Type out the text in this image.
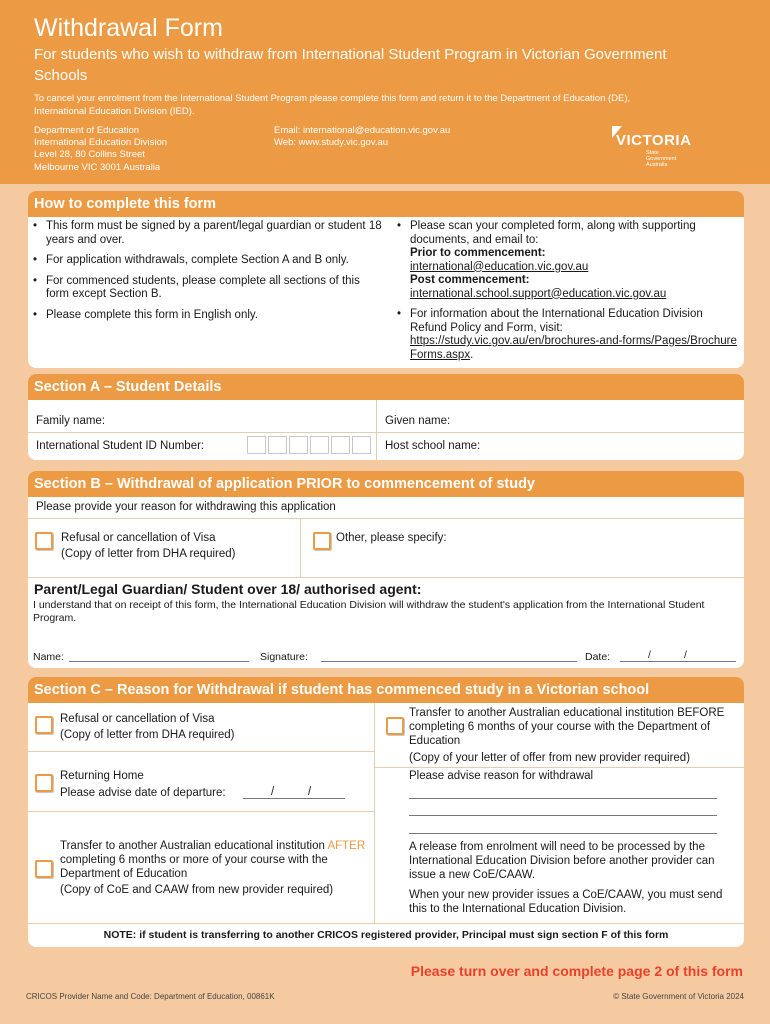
Withdrawal Form
For students who wish to withdraw from International Student Program in Victorian Government Schools
To cancel your enrolment from the International Student Program please complete this form and return it to the Department of Education (DE), International Education Division (IED).
Department of Education
International Education Division
Level 28, 80 Collins Street
Melbourne VIC 3001 Australia
Email: international@education.vic.gov.au
Web: www.study.vic.gov.au	VICTORIA
State
Government
Australia
How to complete this form
• This form must be signed by a parent/legal guardian or student 18 years and over.
• For application withdrawals, complete Section A and B only.
• For commenced students, please complete all sections of this form except Section B.
• Please complete this form in English only.
• Please scan your completed form, along with supporting documents, and email to:
Prior to commencement:
international@education.vic.gov.au
Post commencement:
international.school.support@education.vic.gov.au
• For information about the International Education Division Refund Policy and Form, visit:
https://study.vic.gov.au/en/brochures-and-forms/Pages/BrochureForms.aspx.
Section A – Student Details
Family name:	Given name:
International Student ID Number:	Host school name:
Section B – Withdrawal of application PRIOR to commencement of study
Please provide your reason for withdrawing this application
Refusal or cancellation of Visa
(Copy of letter from DHA required)
Other, please specify:
Parent/Legal Guardian/ Student over 18/ authorised agent:
I understand that on receipt of this form, the International Education Division will withdraw the student's application from the International Student Program.
Name:	Signature:	Date:	/	/
Section C – Reason for Withdrawal if student has commenced study in a Victorian school
Refusal or cancellation of Visa
(Copy of letter from DHA required)
Returning Home
Please advise date of departure:	/	/
Transfer to another Australian educational institution AFTER completing 6 months or more of your course with the Department of Education
(Copy of CoE and CAAW from new provider required)
Transfer to another Australian educational institution BEFORE completing 6 months of your course with the Department of Education
(Copy of your letter of offer from new provider required)
Please advise reason for withdrawal
A release from enrolment will need to be processed by the International Education Division before another provider can issue a new CoE/CAAW.
When your new provider issues a CoE/CAAW, you must send this to the International Education Division.
NOTE: if student is transferring to another CRICOS registered provider, Principal must sign section F of this form
Please turn over and complete page 2 of this form
CRICOS Provider Name and Code: Department of Education, 00861K	© State Government of Victoria 2024
